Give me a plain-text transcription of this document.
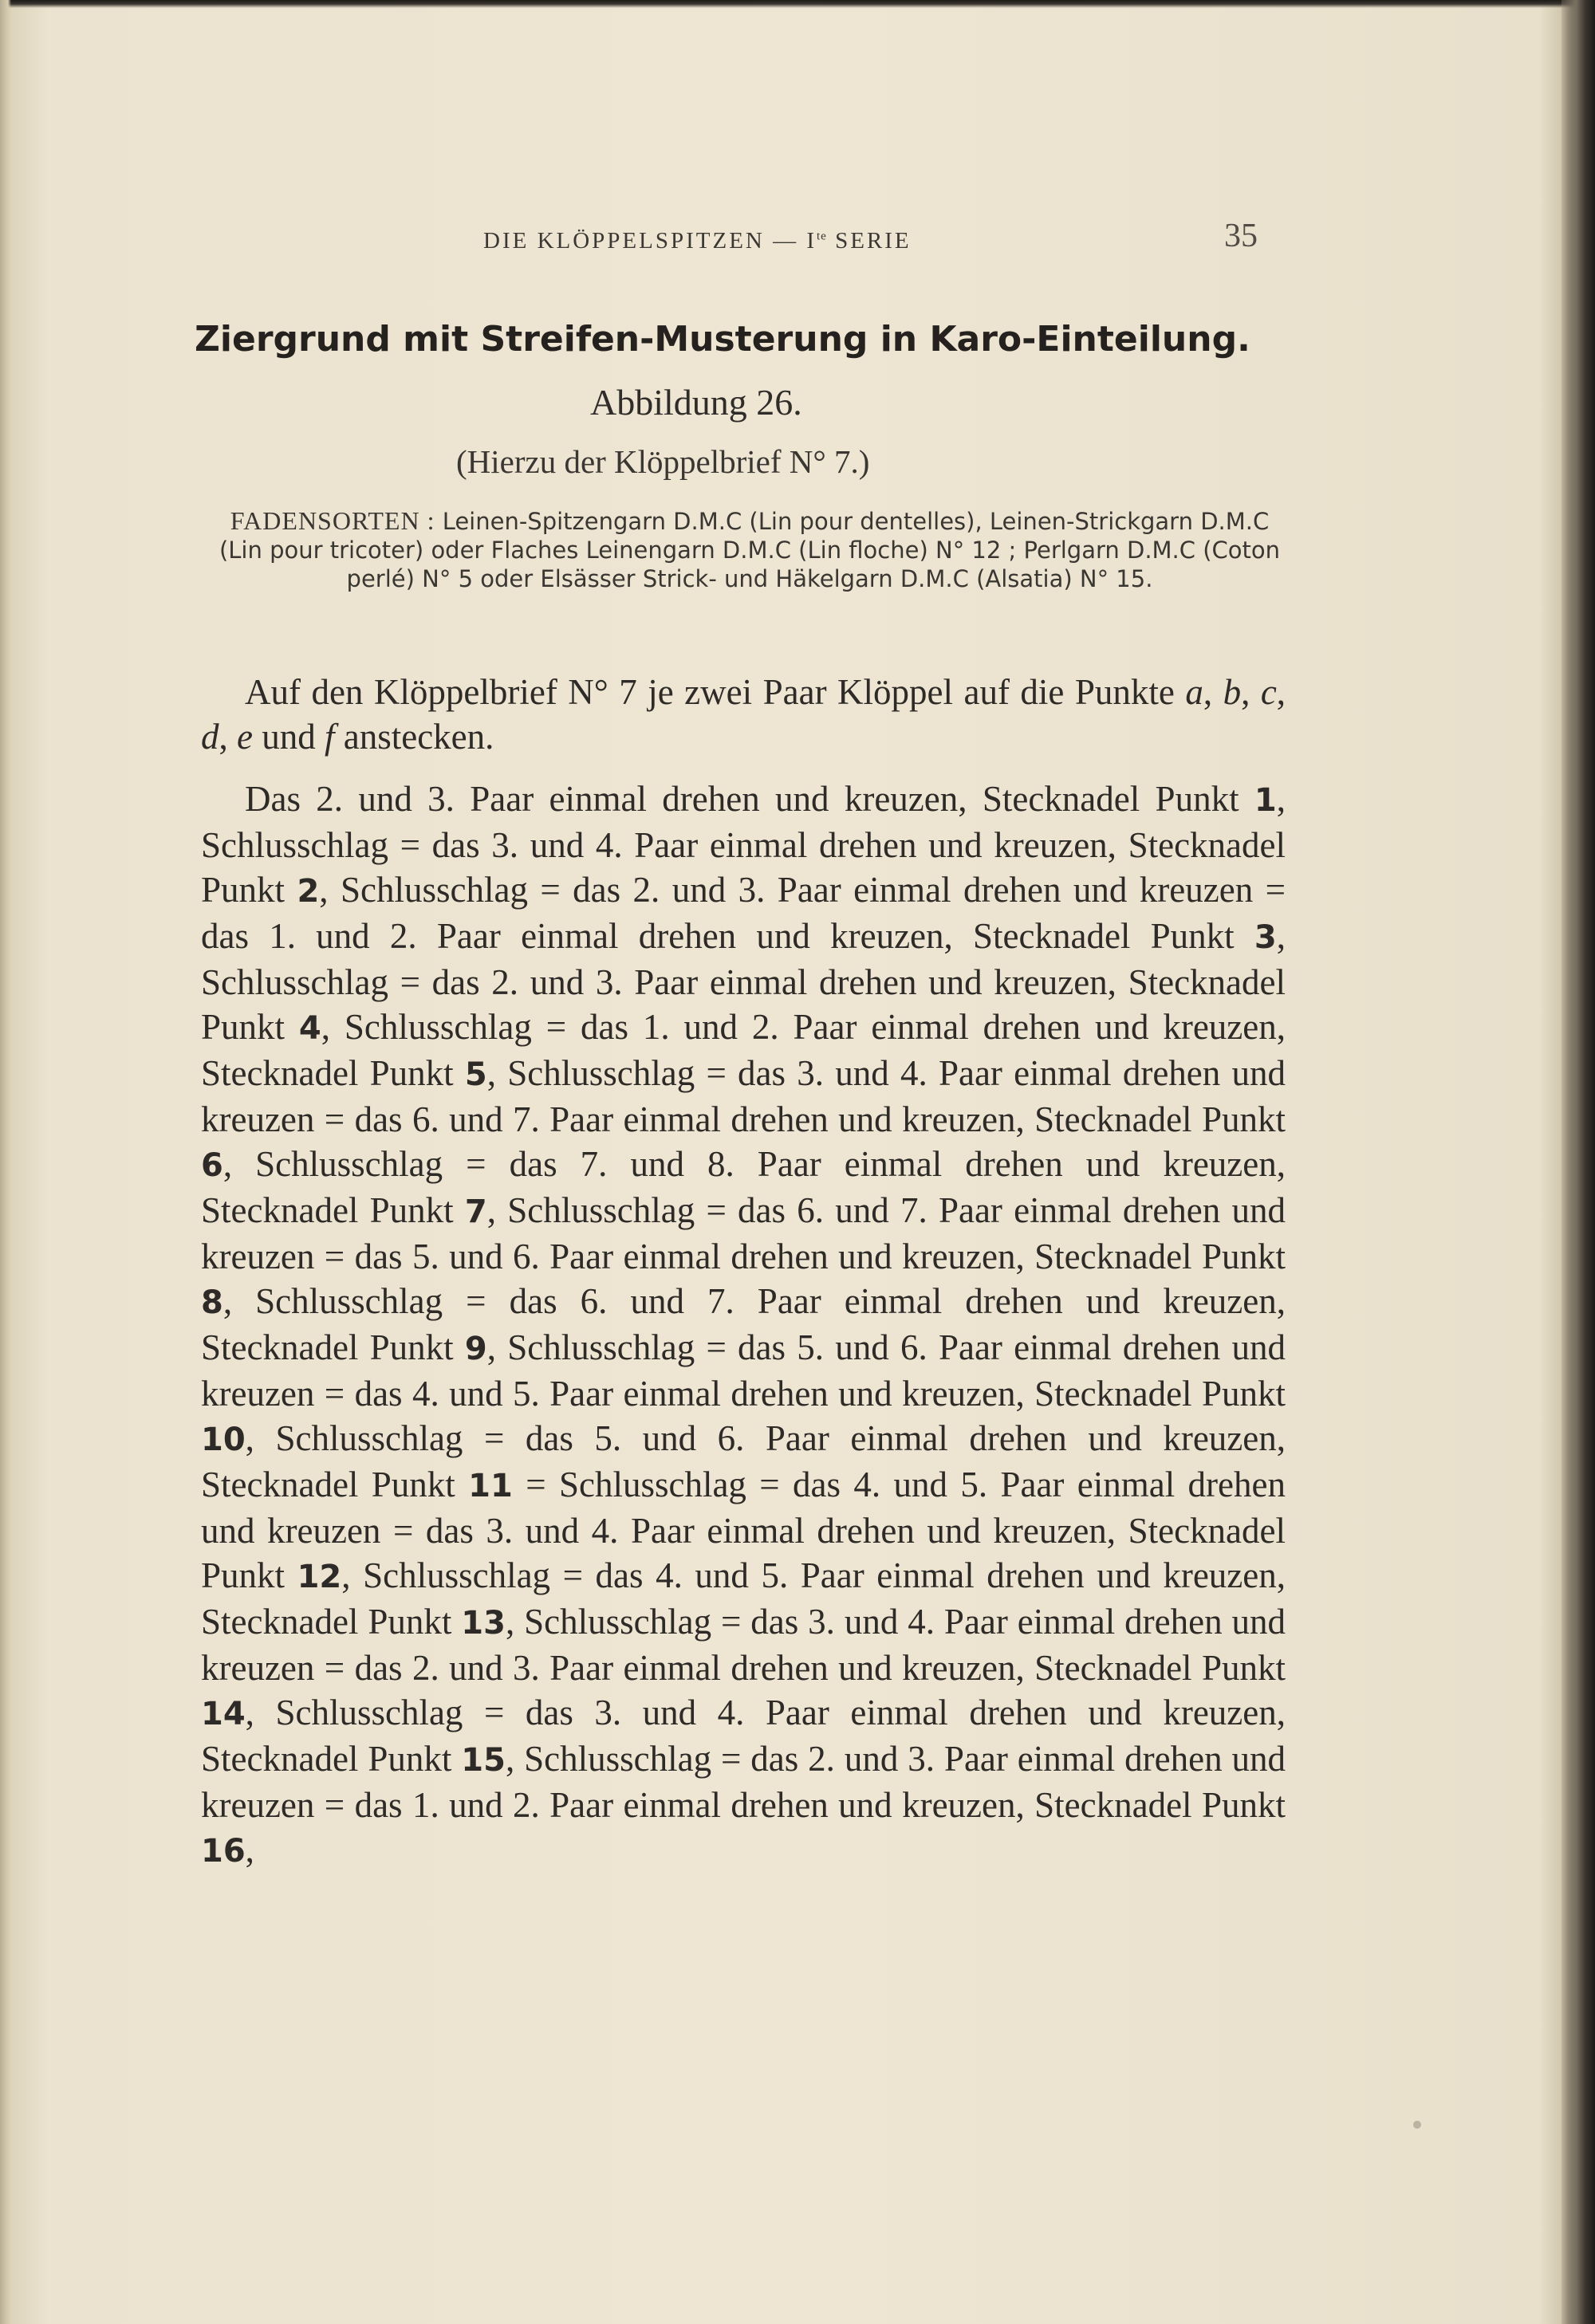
DIE KLÖPPELSPITZEN — $I^{te}$ SERIE	35
Ziergrund mit Streifen-Musterung in Karo-Einteilung.
Abbildung 26.
(Hierzu der Klöppelbrief N° 7.)
FADENSORTEN : Leinen-Spitzengarn D.M.C (Lin pour dentelles), Leinen-Strickgarn D.M.C (Lin pour tricoter) oder Flaches Leinengarn D.M.C (Lin floche) N° 12 ; Perlgarn D.M.C (Coton perlé) N° 5 oder Elsässer Strick- und Häkelgarn D.M.C (Alsatia) N° 15.

Auf den Klöppelbrief N° 7 je zwei Paar Klöppel auf die Punkte a, b, c, d, e und f anstecken.

Das 2. und 3. Paar einmal drehen und kreuzen, Stecknadel Punkt 1, Schlusschlag = das 3. und 4. Paar einmal drehen und kreuzen, Stecknadel Punkt 2, Schlusschlag = das 2. und 3. Paar einmal drehen und kreuzen = das 1. und 2. Paar einmal drehen und kreuzen, Stecknadel Punkt 3, Schlusschlag = das 2. und 3. Paar einmal drehen und kreuzen, Stecknadel Punkt 4, Schlusschlag = das 1. und 2. Paar einmal drehen und kreuzen, Stecknadel Punkt 5, Schlusschlag = das 3. und 4. Paar einmal drehen und kreuzen = das 6. und 7. Paar einmal drehen und kreuzen, Stecknadel Punkt 6, Schlusschlag = das 7. und 8. Paar einmal drehen und kreuzen, Stecknadel Punkt 7, Schlusschlag = das 6. und 7. Paar einmal drehen und kreuzen = das 5. und 6. Paar einmal drehen und kreuzen, Stecknadel Punkt 8, Schlusschlag = das 6. und 7. Paar einmal drehen und kreuzen, Stecknadel Punkt 9, Schlusschlag = das 5. und 6. Paar einmal drehen und kreuzen = das 4. und 5. Paar einmal drehen und kreuzen, Stecknadel Punkt 10, Schlusschlag = das 5. und 6. Paar einmal drehen und kreuzen, Stecknadel Punkt 11 = Schlusschlag = das 4. und 5. Paar einmal drehen und kreuzen = das 3. und 4. Paar einmal drehen und kreuzen, Stecknadel Punkt 12, Schlusschlag = das 4. und 5. Paar einmal drehen und kreuzen, Stecknadel Punkt 13, Schlusschlag = das 3. und 4. Paar einmal drehen und kreuzen = das 2. und 3. Paar einmal drehen und kreuzen, Stecknadel Punkt 14, Schlusschlag = das 3. und 4. Paar einmal drehen und kreuzen, Stecknadel Punkt 15, Schlusschlag = das 2. und 3. Paar einmal drehen und kreuzen = das 1. und 2. Paar einmal drehen und kreuzen, Stecknadel Punkt 16,
